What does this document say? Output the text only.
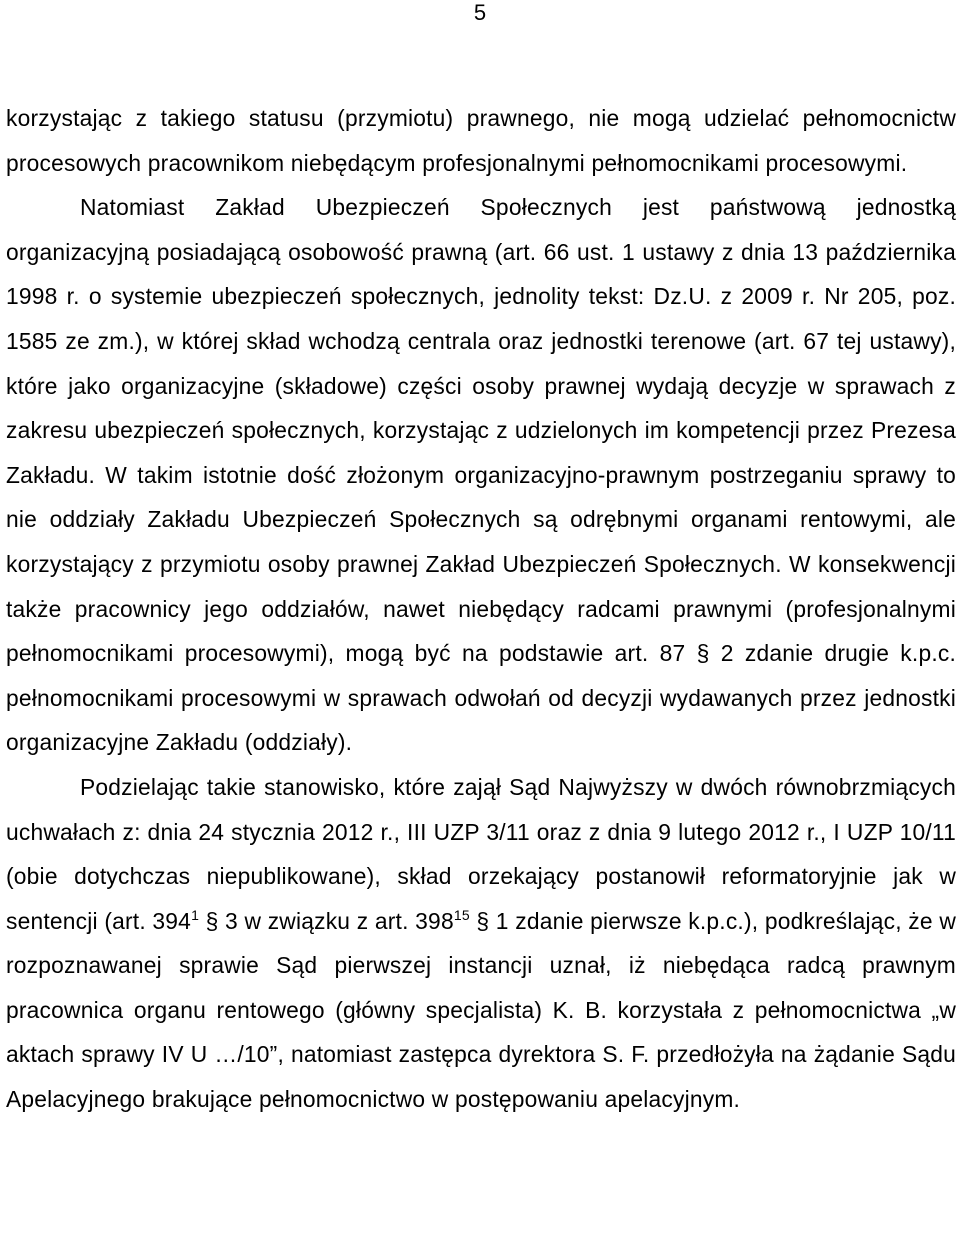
5

korzystając z takiego statusu (przymiotu) prawnego, nie mogą udzielać pełnomocnictw procesowych pracownikom niebędącym profesjonalnymi pełnomocnikami procesowymi.

Natomiast Zakład Ubezpieczeń Społecznych jest państwową jednostką organizacyjną posiadającą osobowość prawną (art. 66 ust. 1 ustawy z dnia 13 października 1998 r. o systemie ubezpieczeń społecznych, jednolity tekst: Dz.U. z 2009 r. Nr 205, poz. 1585 ze zm.), w której skład wchodzą centrala oraz jednostki terenowe (art. 67 tej ustawy), które jako organizacyjne (składowe) części osoby prawnej wydają decyzje w sprawach z zakresu ubezpieczeń społecznych, korzystając z udzielonych im kompetencji przez Prezesa Zakładu. W takim istotnie dość złożonym organizacyjno-prawnym postrzeganiu sprawy to nie oddziały Zakładu Ubezpieczeń Społecznych są odrębnymi organami rentowymi, ale korzystający z przymiotu osoby prawnej Zakład Ubezpieczeń Społecznych. W konsekwencji także pracownicy jego oddziałów, nawet niebędący radcami prawnymi (profesjonalnymi pełnomocnikami procesowymi), mogą być na podstawie art. 87 § 2 zdanie drugie k.p.c. pełnomocnikami procesowymi w sprawach odwołań od decyzji wydawanych przez jednostki organizacyjne Zakładu (oddziały).

Podzielając takie stanowisko, które zajął Sąd Najwyższy w dwóch równobrzmiących uchwałach z: dnia 24 stycznia 2012 r., III UZP 3/11 oraz z dnia 9 lutego 2012 r., I UZP 10/11 (obie dotychczas niepublikowane), skład orzekający postanowił reformatoryjnie jak w sentencji (art. $394^1$ § 3 w związku z art. $398^{15}$ § 1 zdanie pierwsze k.p.c.), podkreślając, że w rozpoznawanej sprawie Sąd pierwszej instancji uznał, iż niebędąca radcą prawnym pracownica organu rentowego (główny specjalista) K. B. korzystała z pełnomocnictwa „w aktach sprawy IV U …/10”, natomiast zastępca dyrektora S. F. przedłożyła na żądanie Sądu Apelacyjnego brakujące pełnomocnictwo w postępowaniu apelacyjnym.
